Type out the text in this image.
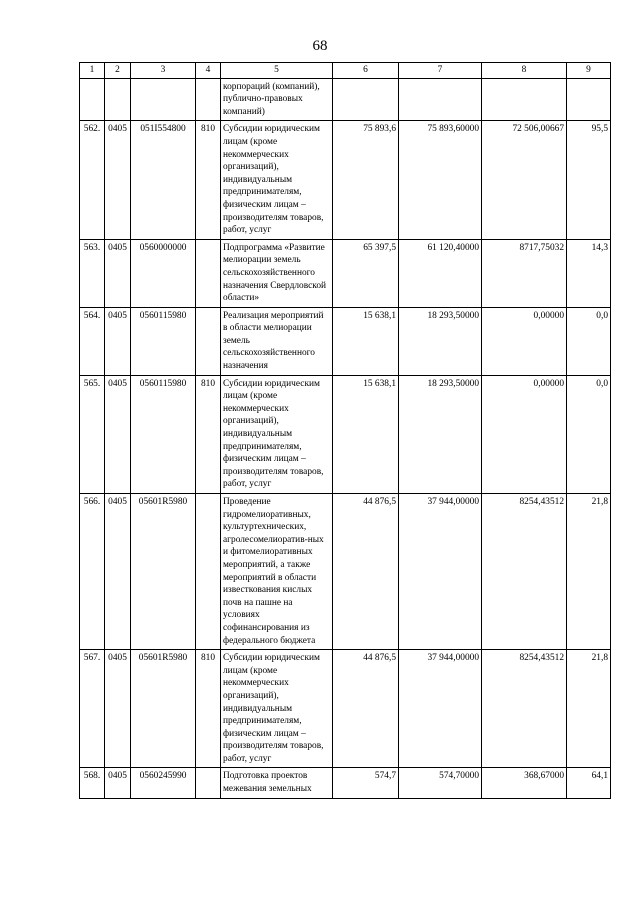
68
1	2	3	4	5	6	7	8	9
				корпораций (компаний), публично-правовых компаний)				
562.	0405	051I554800	810	Субсидии юридическим лицам (кроме некоммерческих организаций), индивидуальным предпринимателям, физическим лицам – производителям товаров, работ, услуг	75 893,6	75 893,60000	72 506,00667	95,5
563.	0405	0560000000		Подпрограмма «Развитие мелиорации земель сельскохозяйственного назначения Свердловской области»	65 397,5	61 120,40000	8717,75032	14,3
564.	0405	0560115980		Реализация мероприятий в области мелиорации земель сельскохозяйственного назначения	15 638,1	18 293,50000	0,00000	0,0
565.	0405	0560115980	810	Субсидии юридическим лицам (кроме некоммерческих организаций), индивидуальным предпринимателям, физическим лицам – производителям товаров, работ, услуг	15 638,1	18 293,50000	0,00000	0,0
566.	0405	05601R5980		Проведение гидромелиоративных, культуртехнических, агролесомелиоратив-ных и фитомелиоративных мероприятий, а также мероприятий в области известкования кислых почв на пашне на условиях софинансирования из федерального бюджета	44 876,5	37 944,00000	8254,43512	21,8
567.	0405	05601R5980	810	Субсидии юридическим лицам (кроме некоммерческих организаций), индивидуальным предпринимателям, физическим лицам – производителям товаров, работ, услуг	44 876,5	37 944,00000	8254,43512	21,8
568.	0405	0560245990		Подготовка проектов межевания земельных	574,7	574,70000	368,67000	64,1
